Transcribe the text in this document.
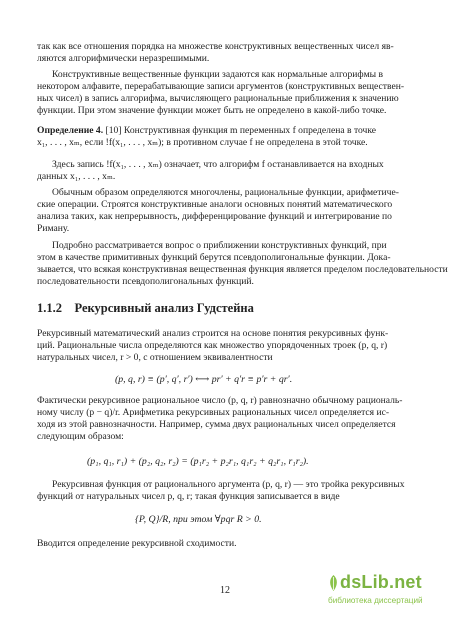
так как все отношения порядка на множестве конструктивных вещественных чисел яв-
ляются алгорифмически неразрешимыми.
Конструктивные вещественные функции задаются как нормальные алгорифмы в
некотором алфавите, перерабатывающие записи аргументов (конструктивных веществен-
ных чисел) в запись алгорифма, вычисляющего рациональные приближения к значению
функции. При этом значение функции может быть не определено в какой-либо точке.
Определение 4. [10] Конструктивная функция m переменных f определена в точке
x₁, . . . , xₘ, если !f(x₁, . . . , xₘ); в противном случае f не определена в этой точке.
Здесь запись !f(x₁, . . . , xₘ) означает, что алгорифм f останавливается на входных
данных x₁, . . . , xₘ.
Обычным образом определяются многочлены, рациональные функции, арифметиче-
ские операции. Строятся конструктивные аналоги основных понятий математического
анализа таких, как непрерывность, дифференцирование функций и интегрирование по
Риману.
Подробно рассматривается вопрос о приближении конструктивных функций, при
этом в качестве примитивных функций берутся псевдополигональные функции. Дока-
зывается, что всякая конструктивная вещественная функция является пределом последовательности
последовательности псевдополигональных функций.
1.1.2 Рекурсивный анализ Гудстейна
Рекурсивный математический анализ строится на основе понятия рекурсивных функ-
ций. Рациональные числа определяются как множество упорядоченных троек (p, q, r)
натуральных чисел, r > 0, с отношением эквивалентности
(p, q, r) ≡ (p′, q′, r′) ⟷ pr′ + q′r ≡ p′r + qr′.
Фактически рекурсивное рациональное число (p, q, r) равнозначно обычному рациональ-
ному числу (p − q)/r. Арифметика рекурсивных рациональных чисел определяется ис-
ходя из этой равнозначности. Например, сумма двух рациональных чисел определяется
следующим образом:
(p₁, q₁, r₁) + (p₂, q₂, r₂) = (p₁r₂ + p₂r₁, q₁r₂ + q₂r₁, r₁r₂).
Рекурсивная функция от рационального аргумента (p, q, r) — это тройка рекурсивных
функций от натуральных чисел p, q, r; такая функция записывается в виде
{P, Q}/R, при этом ∀pqr R > 0.
Вводится определение рекурсивной сходимости.
12	dsLib.net
библиотека диссертаций
